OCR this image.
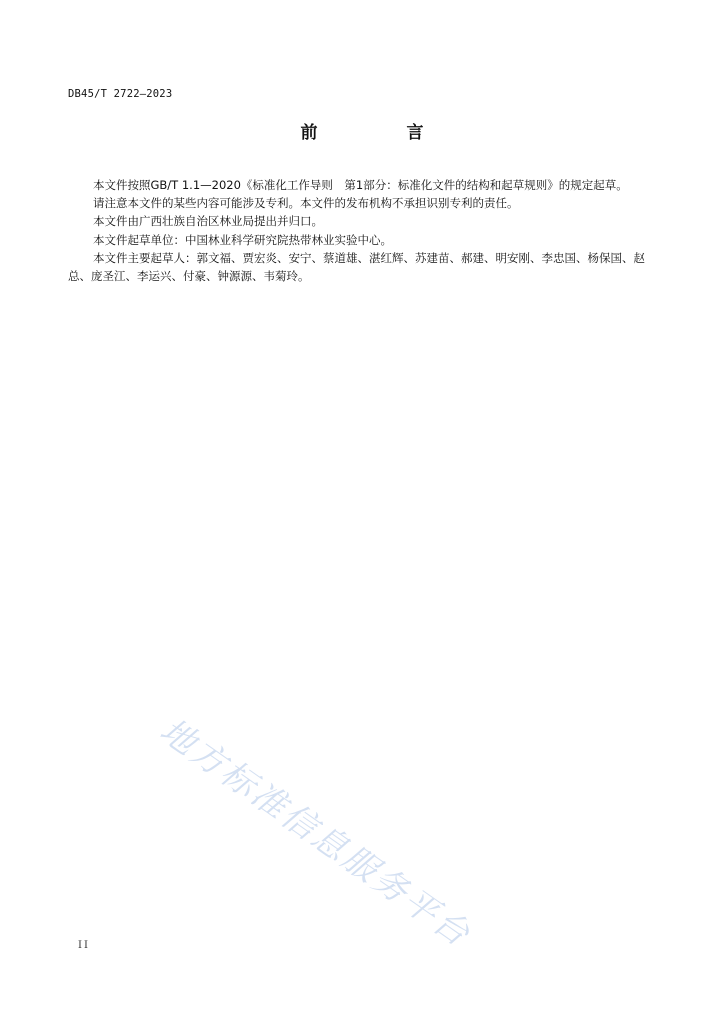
DB45/T 2722—2023
前　言

本文件按照GB/T 1.1—2020《标准化工作导则　第1部分：标准化文件的结构和起草规则》的规定起草。

请注意本文件的某些内容可能涉及专利。本文件的发布机构不承担识别专利的责任。

本文件由广西壮族自治区林业局提出并归口。

本文件起草单位：中国林业科学研究院热带林业实验中心。

本文件主要起草人：郭文福、贾宏炎、安宁、蔡道雄、湛红辉、苏建苗、郝建、明安刚、李忠国、杨保国、赵总、庞圣江、李运兴、付豪、钟源源、韦菊玲。

地方标准信息服务平台
II
